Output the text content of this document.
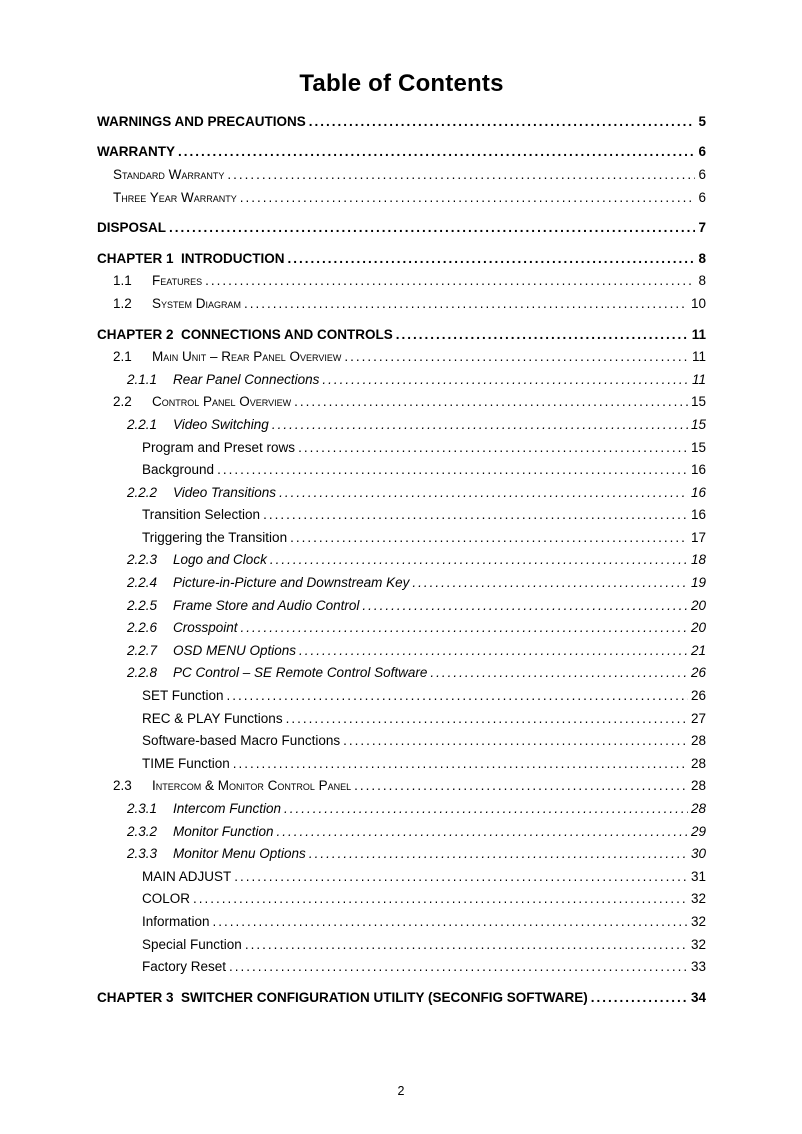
Table of Contents
WARNINGS AND PRECAUTIONS .....	5
WARRANTY .....	6
Standard Warranty .....	6
Three Year Warranty .....	6
DISPOSAL .....	7
CHAPTER 1 INTRODUCTION .....	8
1.1	Features .....	8
1.2	System Diagram .....	10
CHAPTER 2 CONNECTIONS AND CONTROLS .....	11
2.1	Main Unit – Rear Panel Overview .....	11
2.1.1	Rear Panel Connections .....	11
2.2	Control Panel Overview .....	15
2.2.1	Video Switching .....	15
Program and Preset rows .....	15
Background .....	16
2.2.2	Video Transitions .....	16
Transition Selection .....	16
Triggering the Transition .....	17
2.2.3	Logo and Clock .....	18
2.2.4	Picture-in-Picture and Downstream Key .....	19
2.2.5	Frame Store and Audio Control .....	20
2.2.6	Crosspoint .....	20
2.2.7	OSD MENU Options .....	21
2.2.8	PC Control – SE Remote Control Software .....	26
SET Function .....	26
REC & PLAY Functions .....	27
Software-based Macro Functions .....	28
TIME Function .....	28
2.3	Intercom & Monitor Control Panel .....	28
2.3.1	Intercom Function .....	28
2.3.2	Monitor Function .....	29
2.3.3	Monitor Menu Options .....	30
MAIN ADJUST .....	31
COLOR .....	32
Information .....	32
Special Function .....	32
Factory Reset .....	33
CHAPTER 3 SWITCHER CONFIGURATION UTILITY (SECONFIG SOFTWARE) .....	34
2
